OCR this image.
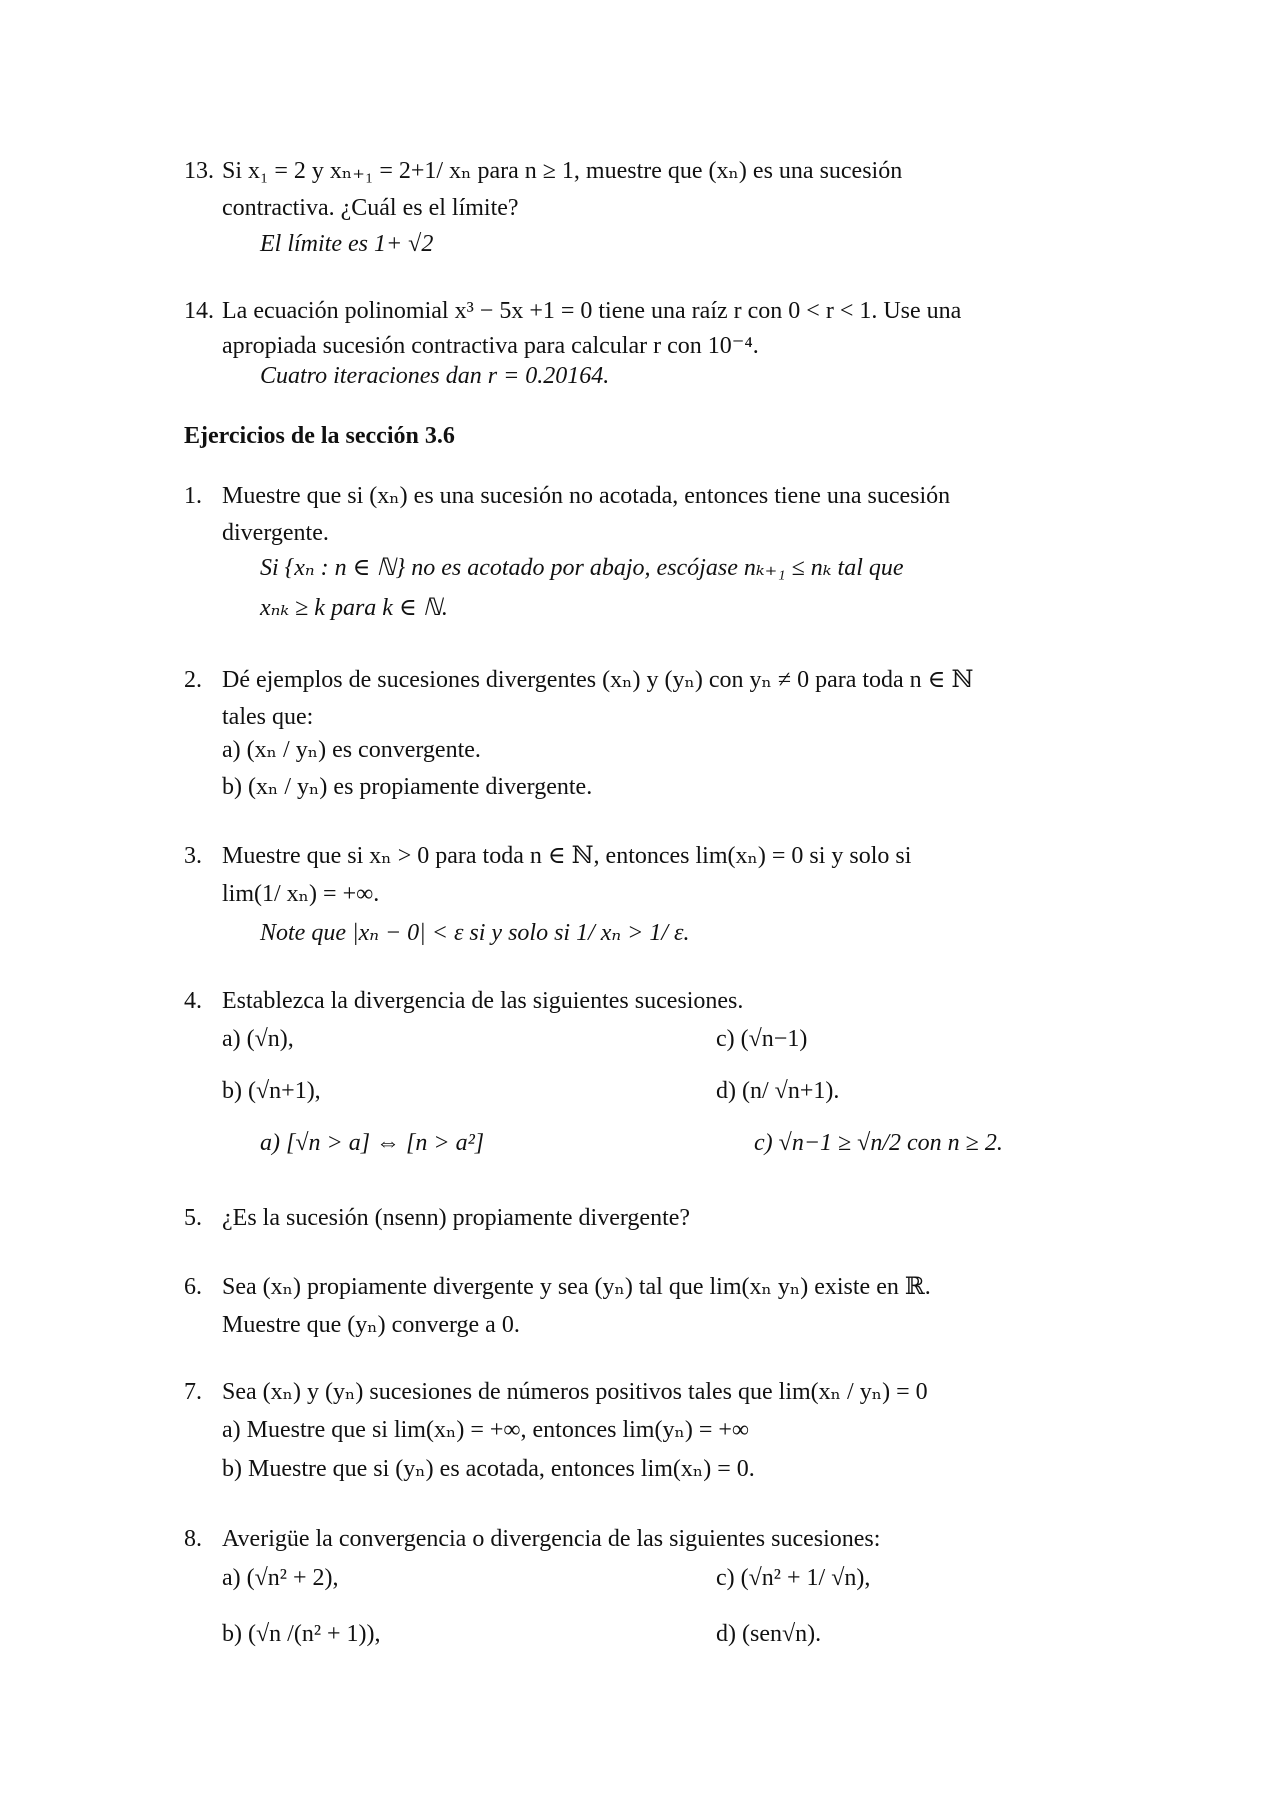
13. Si x₁ = 2 y xₙ₊₁ = 2+1/ xₙ para n ≥ 1, muestre que (xₙ) es una sucesión
contractiva. ¿Cuál es el límite?
El límite es 1+ √2
14. La ecuación polinomial x³ − 5x +1 = 0 tiene una raíz r con 0 < r < 1. Use una
apropiada sucesión contractiva para calcular r con 10⁻⁴.
Cuatro iteraciones dan r = 0.20164.
Ejercicios de la sección 3.6
1. Muestre que si (xₙ) es una sucesión no acotada, entonces tiene una sucesión
divergente.
Si {xₙ : n ∈ ℕ} no es acotado por abajo, escójase nₖ₊₁ ≤ nₖ tal que
xₙₖ ≥ k para k ∈ ℕ.
2. Dé ejemplos de sucesiones divergentes (xₙ) y (yₙ) con yₙ ≠ 0 para toda n ∈ ℕ
tales que:
a) (xₙ / yₙ) es convergente.
b) (xₙ / yₙ) es propiamente divergente.
3. Muestre que si xₙ > 0 para toda n ∈ ℕ, entonces lim(xₙ) = 0 si y solo si
lim(1/ xₙ) = +∞.
Note que |xₙ − 0| < ε si y solo si 1/ xₙ > 1/ ε.
4. Establezca la divergencia de las siguientes sucesiones.
a) (√n),	c) (√n−1)
b) (√n+1),	d) (n/ √n+1).
a) [√n > a] ⇔ [n > a²]	c) √n−1 ≥ √n/2 con n ≥ 2.
5. ¿Es la sucesión (nsenn) propiamente divergente?
6. Sea (xₙ) propiamente divergente y sea (yₙ) tal que lim(xₙ yₙ) existe en ℝ.
Muestre que (yₙ) converge a 0.
7. Sea (xₙ) y (yₙ) sucesiones de números positivos tales que lim(xₙ / yₙ) = 0
a) Muestre que si lim(xₙ) = +∞, entonces lim(yₙ) = +∞
b) Muestre que si (yₙ) es acotada, entonces lim(xₙ) = 0.
8. Averigüe la convergencia o divergencia de las siguientes sucesiones:
a) (√n² + 2),	c) (√n² + 1/ √n),
b) (√n /(n² + 1)),	d) (sen√n).
